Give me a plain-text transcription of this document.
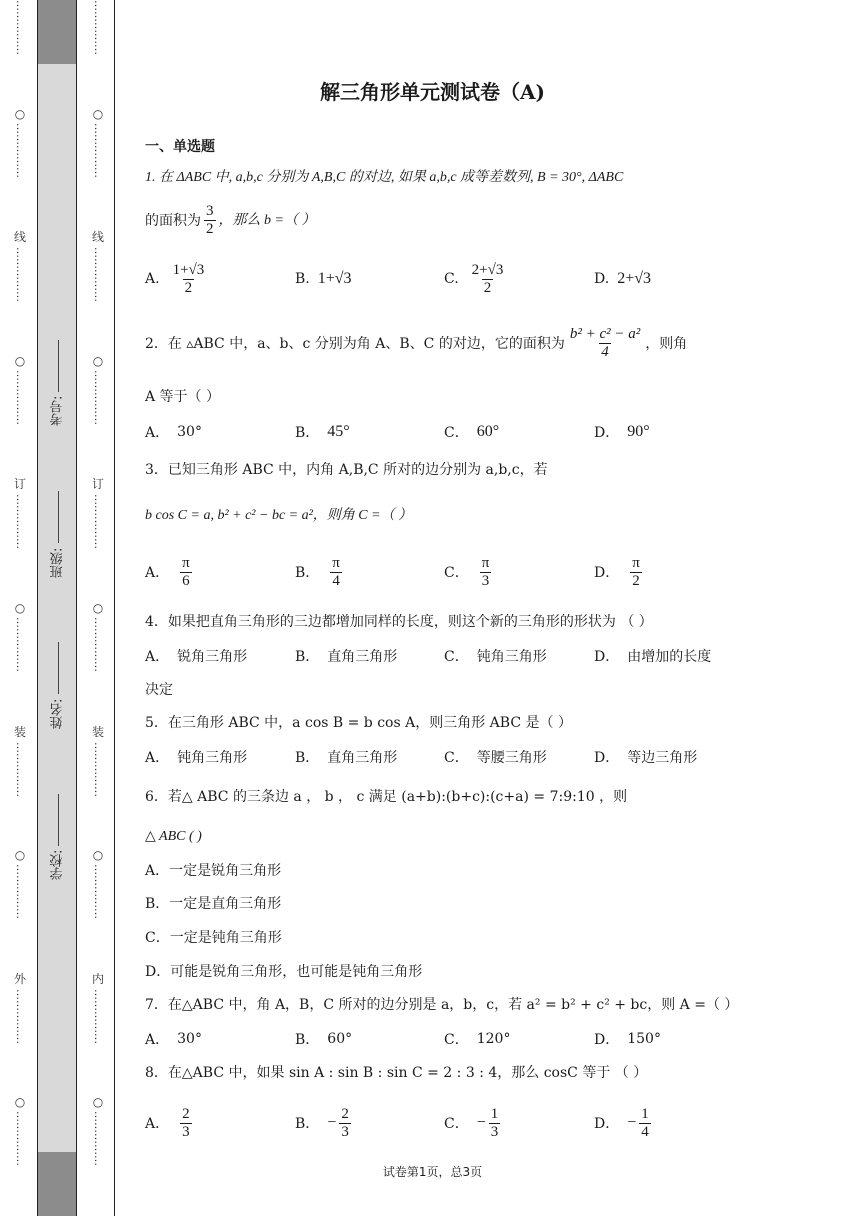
……………
○
……………
线
……………
○
……………
订
……………
○
……………
装
……………
○
……………
外
……………
○
……………
学校:
姓名:
班级:
考号:
……………
○
……………
线
……………
○
……………
订
……………
○
……………
装
……………
○
……………
内
……………
○
……………
解三角形单元测试卷（A)
一、单选题
1. 在 ΔABC 中, a,b,c 分别为 A,B,C 的对边, 如果 a,b,c 成等差数列, B = 30°, ΔABC
的面积为 $\frac{3}{2}$ ，那么 b =（ ）
A. $\frac{1+√3}{2}$	B. 1+√3	C. $\frac{2+√3}{2}$	D. 2+√3
2．在 ▵ABC 中，a、b、c 分别为角 A、B、C 的对边，它的面积为 $\frac{\text{b² + c² − a²}}{4}$ ，则角
A 等于（ ）
A． 30°	B． 45°	C． 60°	D． 90°
3．已知三角形 ABC 中，内角 A,B,C 所对的边分别为 a,b,c，若
b cos C = a, b² + c² − bc = a²，则角 C =（ ）
A． $\frac{\pi}{6}$	B． $\frac{\pi}{4}$	C． $\frac{\pi}{3}$	D． $\frac{\pi}{2}$
4．如果把直角三角形的三边都增加同样的长度，则这个新的三角形的形状为 （ ）
A． 锐角三角形	B． 直角三角形	C． 钝角三角形	D． 由增加的长度
决定
5．在三角形 ABC 中，a cos B = b cos A，则三角形 ABC 是（ ）
A． 钝角三角形	B． 直角三角形	C． 等腰三角形	D． 等边三角形
6．若△ ABC 的三条边 a ， b ， c 满足 (a+b):(b+c):(c+a) = 7:9:10 ，则
△ ABC ( )
A．一定是锐角三角形
B．一定是直角三角形
C．一定是钝角三角形
D．可能是锐角三角形，也可能是钝角三角形
7．在△ABC 中，角 A，B，C 所对的边分别是 a，b，c，若 a² = b² + c² + bc，则 A =（ ）
A． 30°	B． 60°	C． 120°	D． 150°
8．在△ABC 中，如果 sin A : sin B : sin C = 2 : 3 : 4，那么 cosC 等于 （ ）
A． $\frac{2}{3}$	B． − $\frac{2}{3}$	C． − $\frac{1}{3}$	D． − $\frac{1}{4}$
试卷第1页，总3页
